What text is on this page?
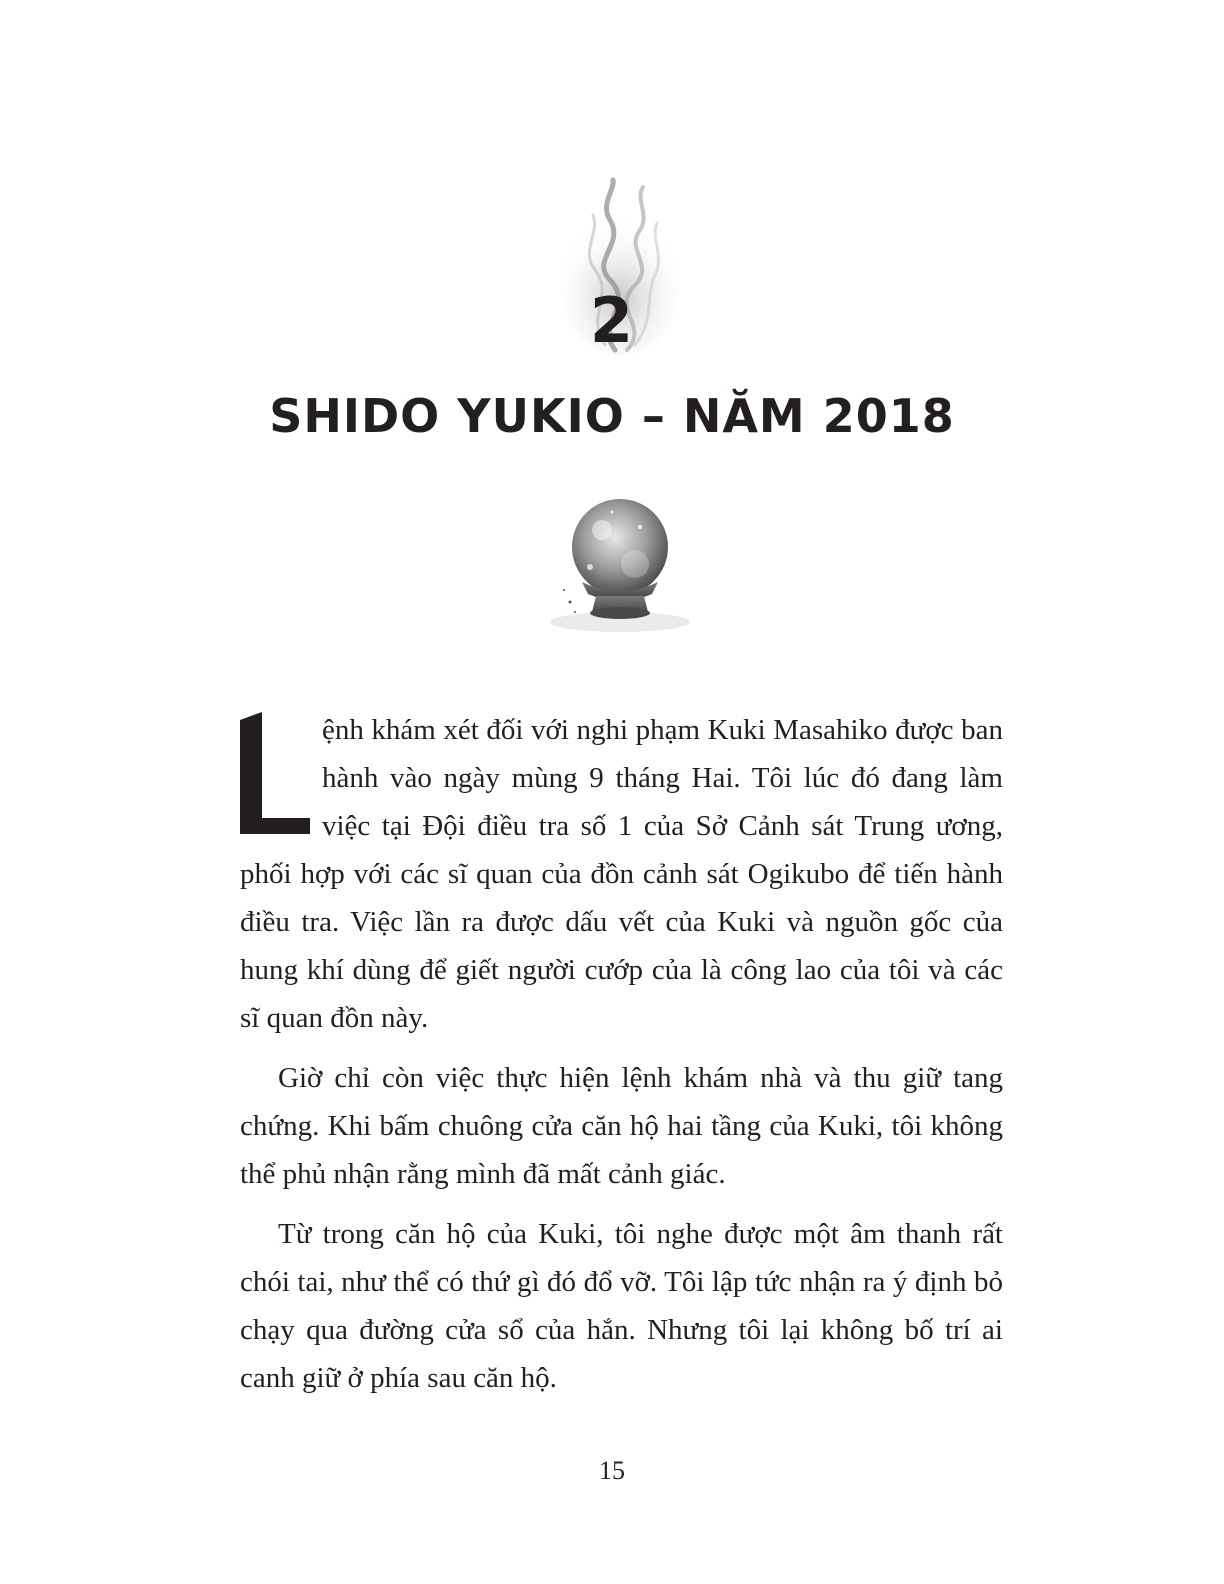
2
SHIDO YUKIO – NĂM 2018

ệnh khám xét đối với nghi phạm Kuki Masahiko được ban hành vào ngày mùng 9 tháng Hai. Tôi lúc đó đang làm việc tại Đội điều tra số 1 của Sở Cảnh sát Trung ương, phối hợp với các sĩ quan của đồn cảnh sát Ogikubo để tiến hành điều tra. Việc lần ra được dấu vết của Kuki và nguồn gốc của hung khí dùng để giết người cướp của là công lao của tôi và các sĩ quan đồn này.

Giờ chỉ còn việc thực hiện lệnh khám nhà và thu giữ tang chứng. Khi bấm chuông cửa căn hộ hai tầng của Kuki, tôi không thể phủ nhận rằng mình đã mất cảnh giác.

Từ trong căn hộ của Kuki, tôi nghe được một âm thanh rất chói tai, như thể có thứ gì đó đổ vỡ. Tôi lập tức nhận ra ý định bỏ chạy qua đường cửa sổ của hắn. Nhưng tôi lại không bố trí ai canh giữ ở phía sau căn hộ.

15
